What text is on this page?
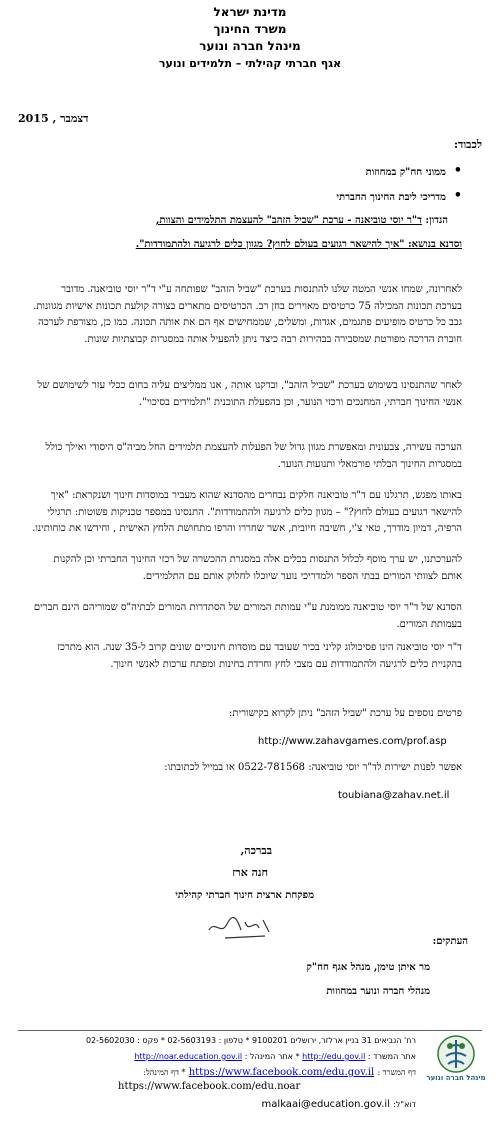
מדינת ישראל
משרד החינוך
מינהל חברה ונוער
אגף חברתי קהילתי – תלמידים ונוער
דצמבר , 2015
לכבוד:
• ממוני חח"ק במחוזות
• מדריכי ליבת החינוך החברתי
הנדון: ד"ר יוסי טוביאנה - ערכת "שביל הזהב" להעצמת התלמידים והצוות,
וסדנא בנושא: "איך להישאר רגועים בעולם לחוץ? מגוון כלים לרגיעה ולהתמודדות".
לאחרונה, שמחו אנשי המטה שלנו להתנסות בערכת "שביל הזהב" שפותחה ע"י ד"ר יוסי טוביאנה. מדובר בערכת תכונות המכילה 75 כרטיסים מאוירים בחן רב. הכרטיסים מתארים בצורה קולעת תכונות אישיות מגוונות. גבב כל כרטיס מופיעים פתגמים, אגדות, ומשלים, שממחישים אף הם את אותה תכונה. כמו כן, מצורפת לערכה חוברת הדרכה מפורטת שמסבירה בבהירות רבה כיצד ניתן להפעיל אותה במסגרות קבוצתיות שונות.
לאחר שהתנסינו בשימוש בערכת "שביל הזהב", ובדקנו אותה , אנו ממליצים עליה בחום ככלי עזר לשימושם של אנשי החינוך חברתי, המחנכים ורכזי הנוער, וכן בהפעלת התוכנית "תלמידים בסיכוי".
הערכה עשירה, צבעונית ומאפשרת מגוון גדול של הפעלות להעצמת תלמידים החל מביה"ס היסודי ואילך כולל במסגרות החינוך הבלתי פורמאלי ותנועות הנוער.
באותו מפגש, תרגלנו עם ד"ר טוביאנה חלקים נבחרים מהסדנא שהוא מעביר במוסדות חינוך ושנקראת: "איך להישאר רגועים בעולם לחוץ?" – מגוון כלים לרגיעה ולהתמודדות". התנסינו במספר טכניקות פשוטות: תרגילי הרפיה, דמיון מודרך, טאי צ'י, חשיבה חיובית, אשר שחררו והרפו מתחושת הלחץ האישית , וחידשו את כוחותינו.
להערכתנו, יש ערך מוסף לכלול התנסות בכלים אלה במסגרת ההכשרה של רכזי החינוך החברתי וכן להקנות אותם לצוותי המורים בבתי הספר ולמדריכי נוער שיוכלו לחלוק אותם עם התלמידים.
הסדנא של ד"ר יוסי טוביאנה ממומנת ע"י עמותת המורים של הסתדרות המורים לבתיה"ס שמוריהם הינם חברים בעמותת המורים.
ד"ר יוסי טוביאנה הינו פסיכולוג קליני בכיר שעובד עם מוסדות חינוכיים שונים קרוב ל-35 שנה. הוא מתרכז בהקניית כלים לרגיעה ולהתמודדות עם מצבי לחץ וחרדת בחינות ומפתח ערכות לאנשי חינוך.
פרטים נוספים על ערכת "שביל הזהב" ניתן לקרוא בקישורית:
http://www.zahavgames.com/prof.asp
אפשר לפנות ישירות לד"ר יוסי טוביאנה: 0522-781568 או במייל לכתובתו:
toubiana@zahav.net.il
בברכה,
חנה ארז
מפקחת ארצית חינוך חברתי קהילתי
העתקים:
מר איתן טימן, מנהל אגף חח"ק
מנהלי חברה ונוער במחוזות
רח' הנביאים 31 בניין ארלזר, ירושלים 9100201 * טלפון : 02-5603193 * פקס : 02-5602030
אתר המשרד : http://edu.gov.il * אתר המינהל : http://noar.education.gov.il
דף המשרד : https://www.facebook.com/edu.gov.il * דף המינהל:
https://www.facebook.com/edu.noar
דוא"ל: malkaai@education.gov.il
מינהל חברה ונוער
